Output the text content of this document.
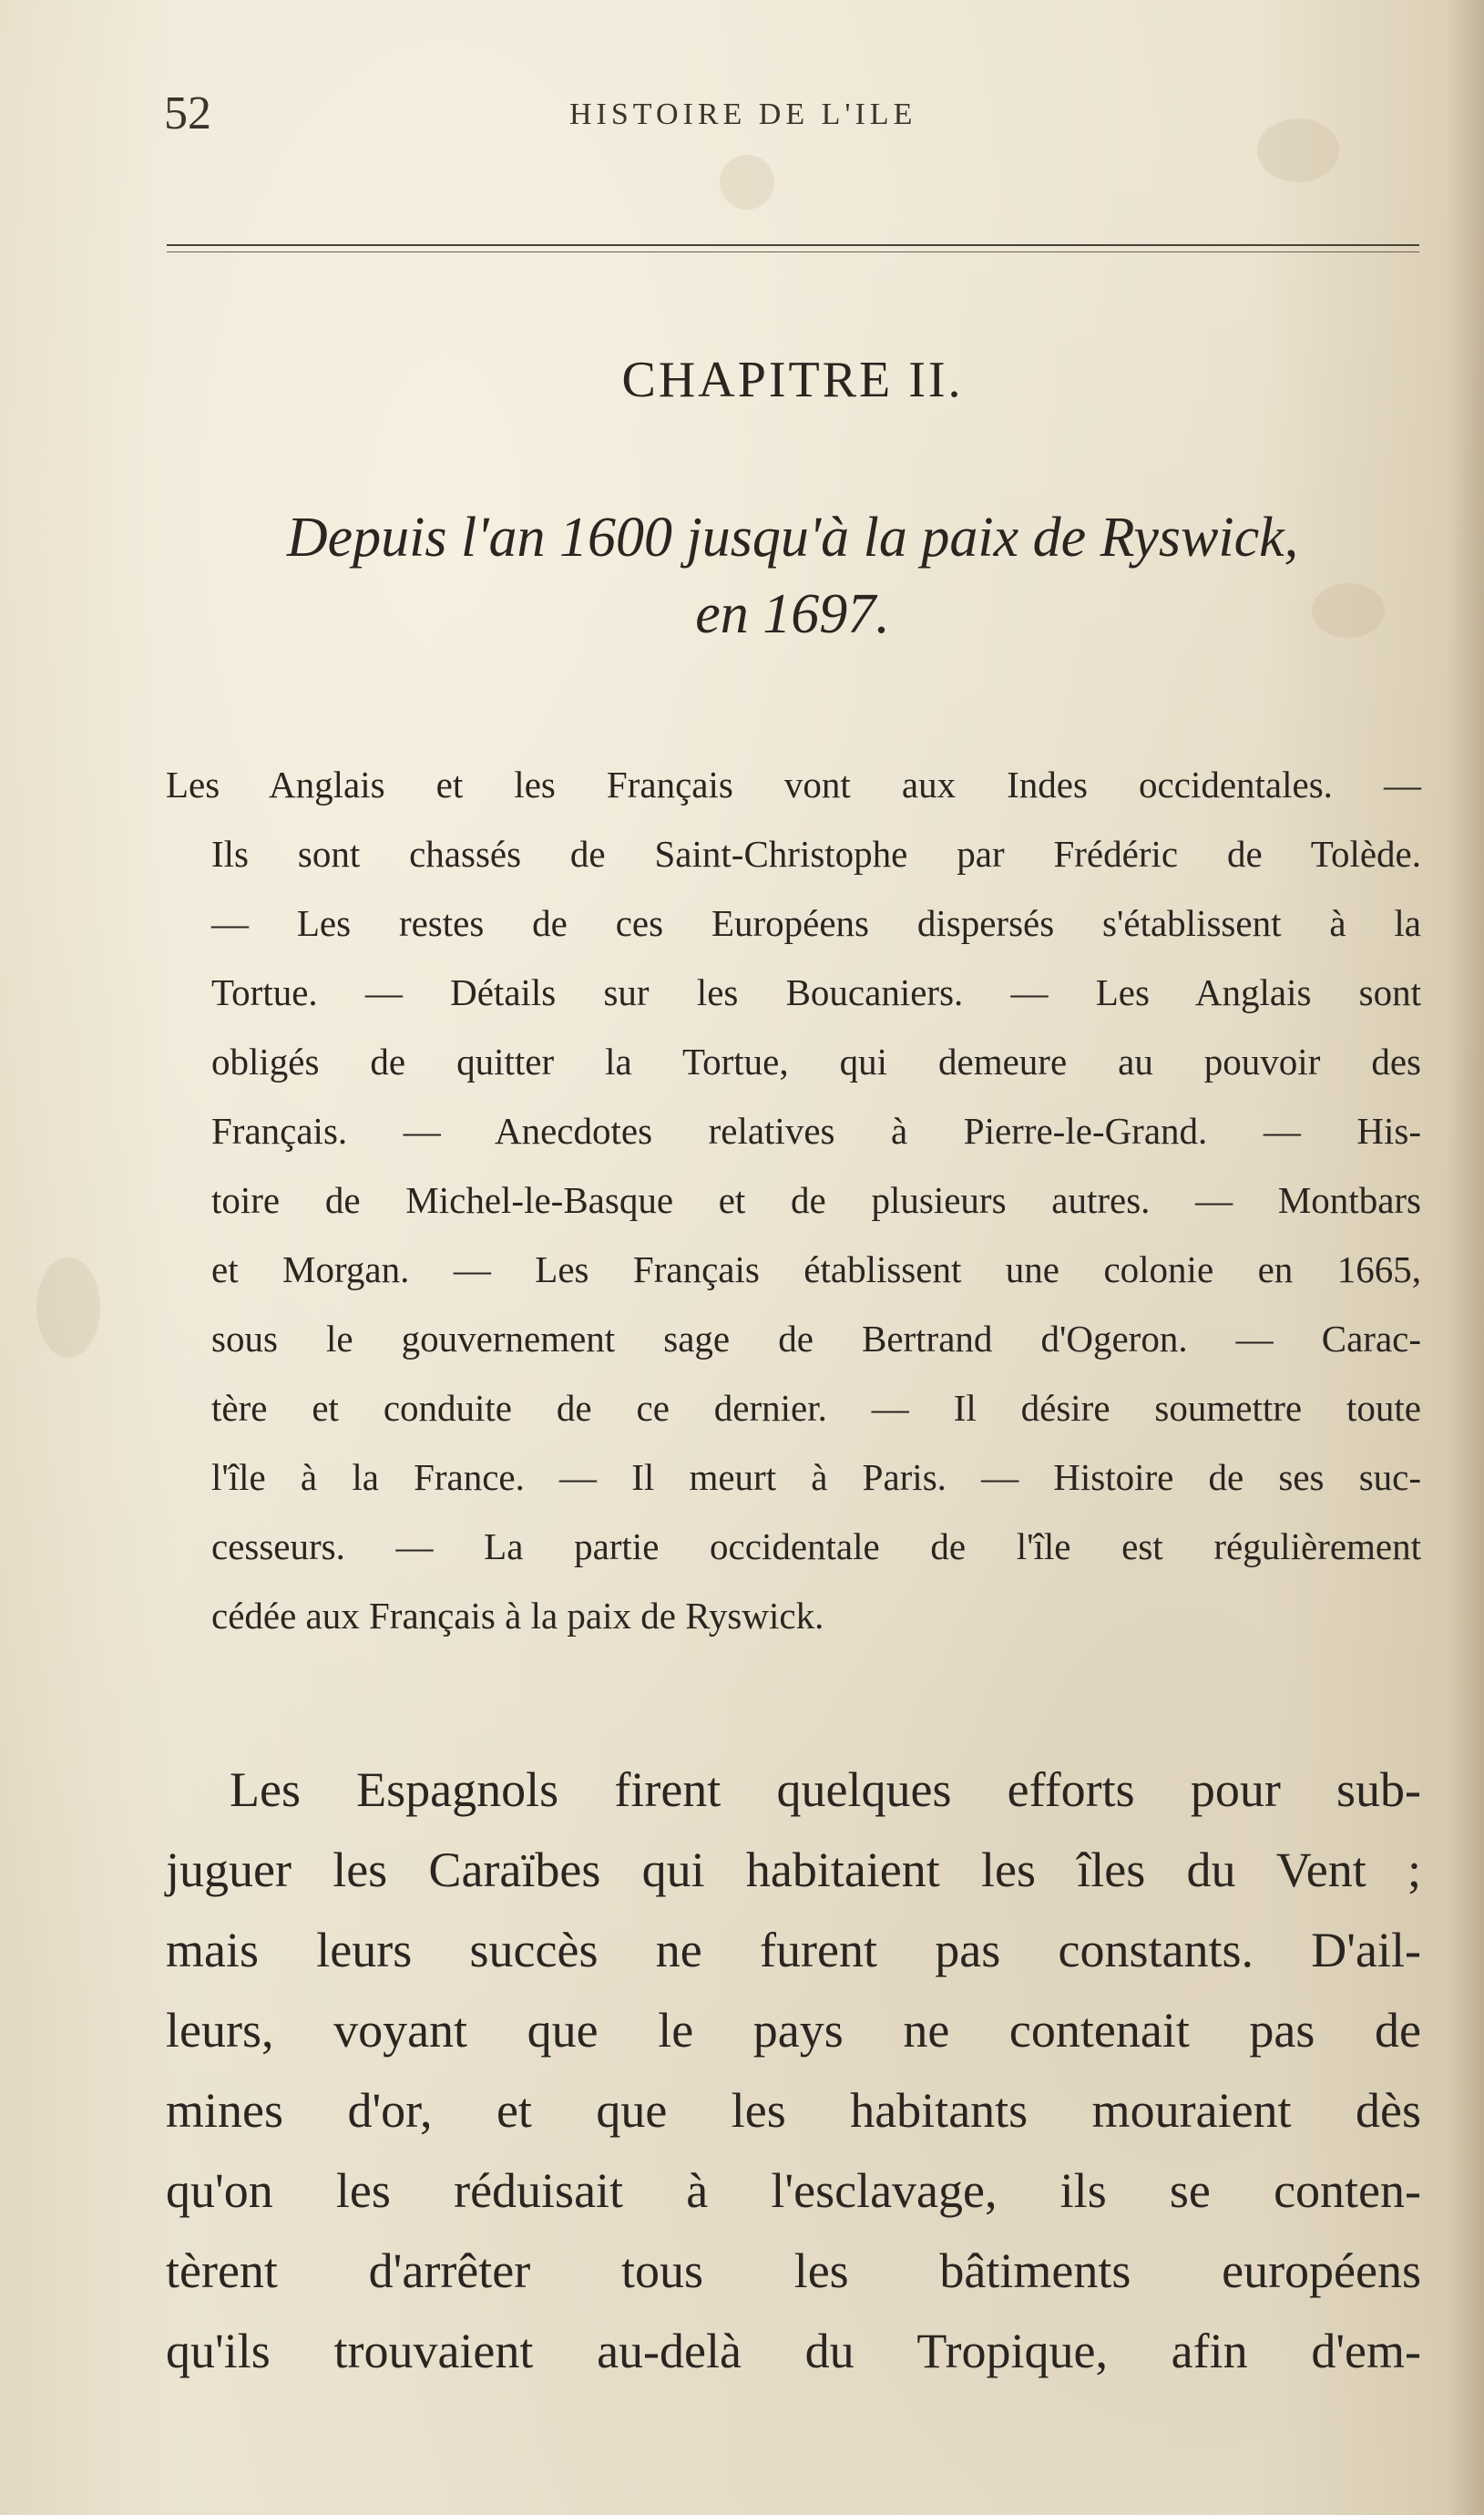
52	HISTOIRE DE L'ILE
CHAPITRE II.
Depuis l'an 1600 jusqu'à la paix de Ryswick,
en 1697.
Les Anglais et les Français vont aux Indes occidentales. —
Ils sont chassés de Saint-Christophe par Frédéric de Tolède.
— Les restes de ces Européens dispersés s'établissent à la
Tortue. — Détails sur les Boucaniers. — Les Anglais sont
obligés de quitter la Tortue, qui demeure au pouvoir des
Français. — Anecdotes relatives à Pierre-le-Grand. — His-
toire de Michel-le-Basque et de plusieurs autres. — Montbars
et Morgan. — Les Français établissent une colonie en 1665,
sous le gouvernement sage de Bertrand d'Ogeron. — Carac-
tère et conduite de ce dernier. — Il désire soumettre toute
l'île à la France. — Il meurt à Paris. — Histoire de ses suc-
cesseurs. — La partie occidentale de l'île est régulièrement
cédée aux Français à la paix de Ryswick.
Les Espagnols firent quelques efforts pour sub-
juguer les Caraïbes qui habitaient les îles du Vent ;
mais leurs succès ne furent pas constants. D'ail-
leurs, voyant que le pays ne contenait pas de
mines d'or, et que les habitants mouraient dès
qu'on les réduisait à l'esclavage, ils se conten-
tèrent d'arrêter tous les bâtiments européens
qu'ils trouvaient au-delà du Tropique, afin d'em-
